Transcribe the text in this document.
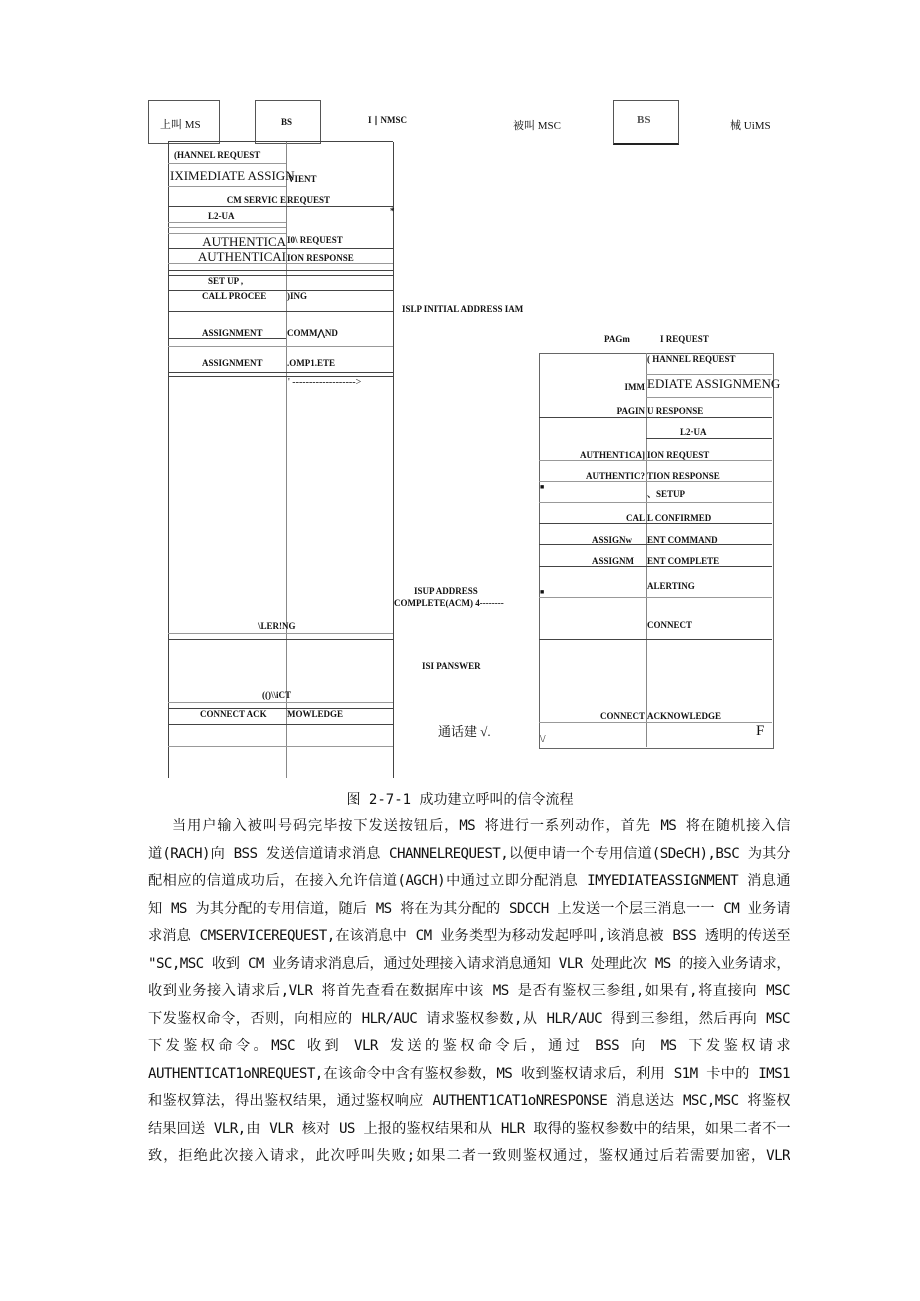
上叫 MS	BS	I ∣ NMSC	被叫 MSC	BS	械 UiMS
(HANNEL REQUEST
IXIMEDIATE ASSIGN
VIENT
CM SERVIC E REQUEST
*
L2-UA
AUTHENTICA I0\ REQUEST
AUTHENTICAI ION RESPONSE
SET UP ,
CALL PROCEE )ING
ASSIGNMENT	COMM⋀ND
ASSIGNMENT	.OMP1.ETE
' ------------------->
\LER!NG
(()\\iCT
CONNECT ACK MOWLEDGE
ISLP INITIAL ADDRESS IAM
ISUP ADDRESS
COMPLETE(ACM) 4--------
ISI PANSWER
通话建 √.
PAGm	I REQUEST
( HANNEL REQUEST
IMM EDIATE ASSIGNMENG
PAGIN U RESPONSE
L2·UA
AUTHENT1CA] ION REQUEST
AUTHENTIC? TION RESPONSE
■
、SETUP
CAL L CONFIRMED
ASSIGNw ENT COMMAND
ASSIGNM ENT COMPLETE
ALERTING
■
CONNECT
CONNECT ACKNOWLEDGE
\/
F
图 2-7-1 成功建立呼叫的信令流程
当用户输入被叫号码完毕按下发送按钮后，MS 将进行一系列动作，首先 MS 将在随机接入信
道(RACH)向 BSS 发送信道请求消息 CHANNELREQUEST,以便申请一个专用信道(SDeCH),BSC 为其分
配相应的信道成功后，在接入允许信道(AGCH)中通过立即分配消息 IMYEDIATEASSIGNMENT 消息通
知 MS 为其分配的专用信道，随后 MS 将在为其分配的 SDCCH 上发送一个层三消息一一 CM 业务请
求消息 CMSERVICEREQUEST,在该消息中 CM 业务类型为移动发起呼叫,该消息被 BSS 透明的传送至
"SC,MSC 收到 CM 业务请求消息后，通过处理接入请求消息通知 VLR 处理此次 MS 的接入业务请求，
收到业务接入请求后,VLR 将首先查看在数据库中该 MS 是否有鉴权三参组,如果有,将直接向 MSC
下发鉴权命令，否则，向相应的 HLR/AUC 请求鉴权参数,从 HLR/AUC 得到三参组，然后再向 MSC
下发鉴权命令。MSC 收到 VLR 发送的鉴权命令后，通过 BSS 向 MS 下发鉴权请求
AUTHENTICAT1oNREQUEST,在该命令中含有鉴权参数，MS 收到鉴权请求后，利用 S1M 卡中的 IMS1
和鉴权算法，得出鉴权结果，通过鉴权响应 AUTHENT1CAT1oNRESPONSE 消息送达 MSC,MSC 将鉴权
结果回送 VLR,由 VLR 核对 US 上报的鉴权结果和从 HLR 取得的鉴权参数中的结果，如果二者不一
致，拒绝此次接入请求，此次呼叫失败;如果二者一致则鉴权通过，鉴权通过后若需要加密，VLR
